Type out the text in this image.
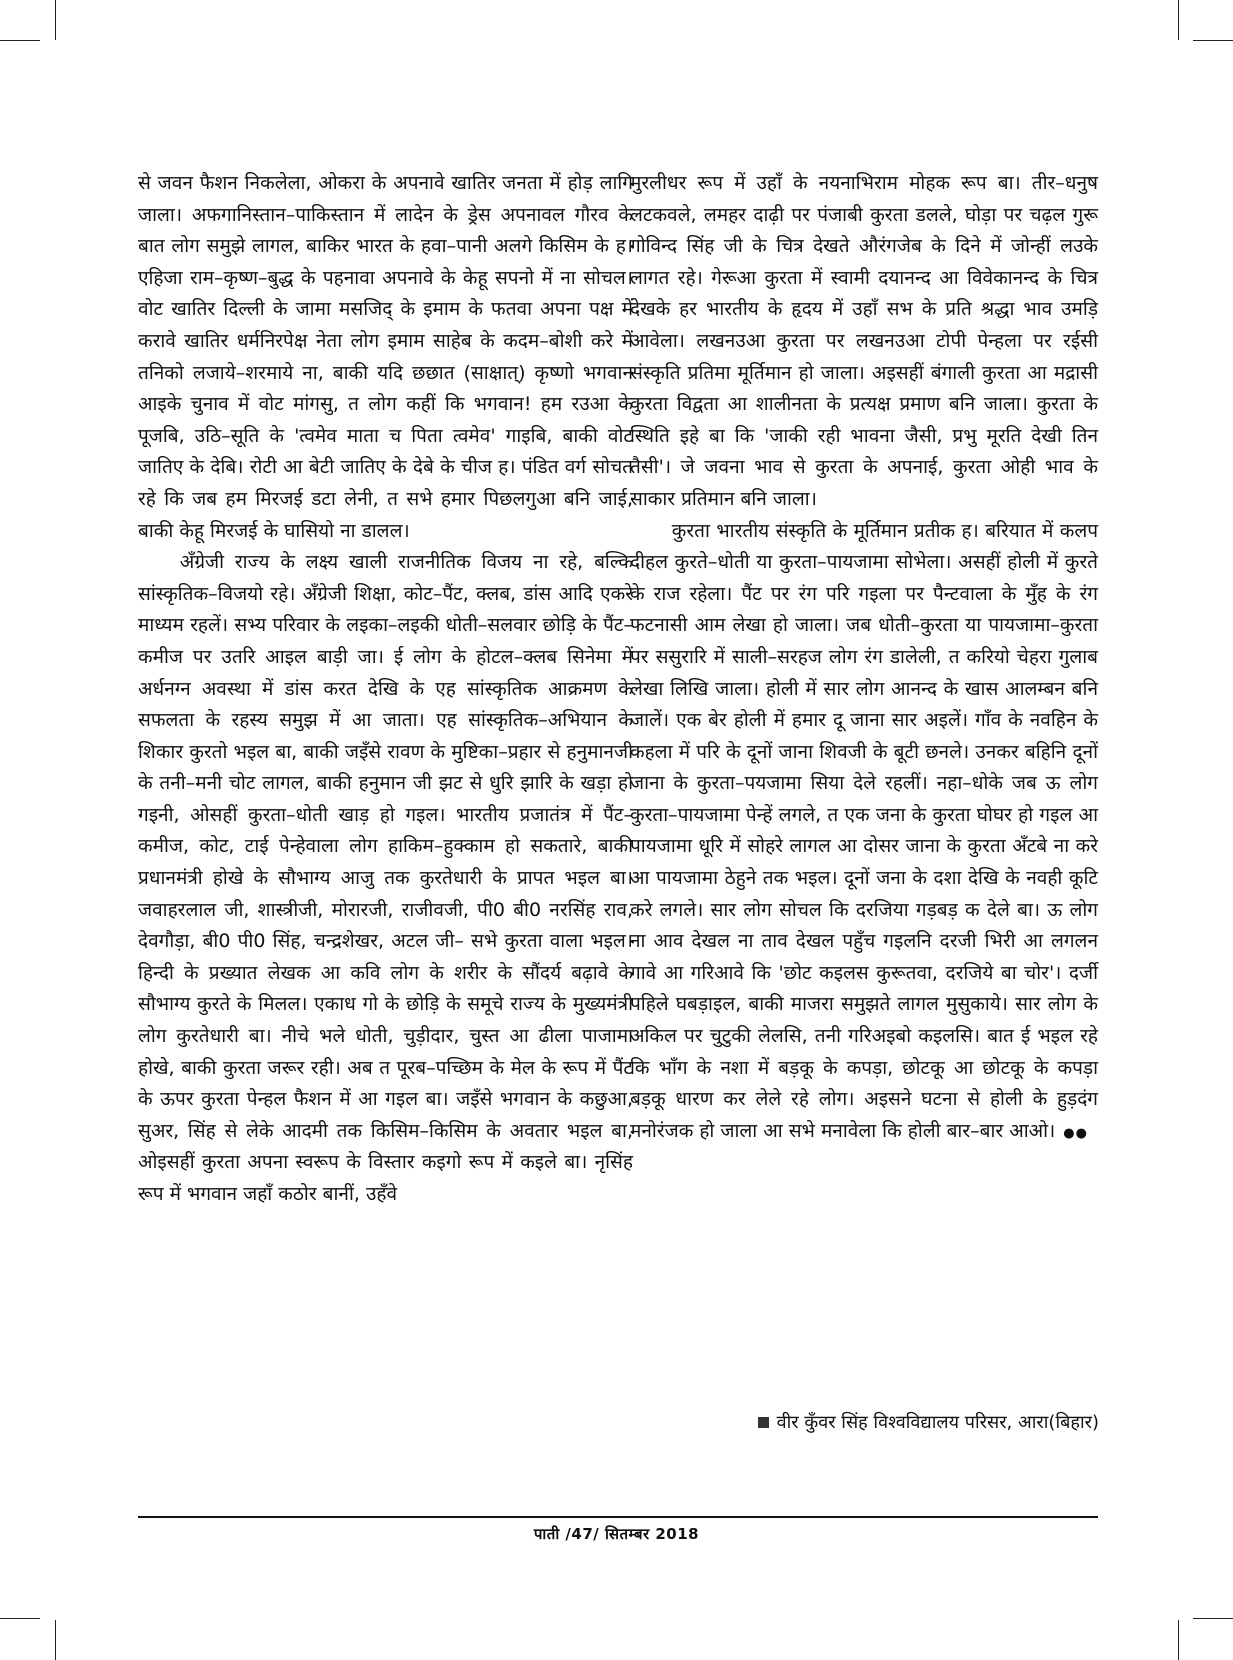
से जवन फैशन निकलेला, ओकरा के अपनावे खातिर जनता में होड़ लागि जाला। अफगानिस्तान–पाकिस्तान में लादेन के ड्रेस अपनावल गौरव के बात लोग समुझे लागल, बाकिर भारत के हवा–पानी अलगे किसिम के ह। एहिजा राम–कृष्ण–बुद्ध के पहनावा अपनावे के केहू सपनो में ना सोचल। वोट खातिर दिल्ली के जामा मसजिद् के इमाम के फतवा अपना पक्ष में करावे खातिर धर्मनिरपेक्ष नेता लोग इमाम साहेब के कदम–बोशी करे में तनिको लजाये–शरमाये ना, बाकी यदि छछात (साक्षात्) कृष्णो भगवान आइके चुनाव में वोट मांगसु, त लोग कहीं कि भगवान! हम रउआ के पूजबि, उठि–सूति के 'त्वमेव माता च पिता त्वमेव' गाइबि, बाकी वोट जातिए के देबि। रोटी आ बेटी जातिए के देबे के चीज ह। पंडित वर्ग सोचत रहे कि जब हम मिरजई डटा लेनी, त सभे हमार पिछलगुआ बनि जाई, बाकी केहू मिरजई के घासियो ना डालल।

अँग्रेजी राज्य के लक्ष्य खाली राजनीतिक विजय ना रहे, बल्कि सांस्कृतिक–विजयो रहे। अँग्रेजी शिक्षा, कोट–पैंट, क्लब, डांस आदि एकरे माध्यम रहलें। सभ्य परिवार के लइका–लइकी धोती–सलवार छोड़ि के पैंट–कमीज पर उतरि आइल बाड़ी जा। ई लोग के होटल–क्लब सिनेमा में अर्धनग्न अवस्था में डांस करत देखि के एह सांस्कृतिक आक्रमण के सफलता के रहस्य समुझ में आ जाता। एह सांस्कृतिक–अभियान के शिकार कुरतो भइल बा, बाकी जइँसे रावण के मुष्टिका–प्रहार से हनुमानजी के तनी–मनी चोट लागल, बाकी हनुमान जी झट से धुरि झारि के खड़ा हो गइनी, ओसहीं कुरता–धोती खाड़ हो गइल। भारतीय प्रजातंत्र में पैंट–कमीज, कोट, टाई पेन्हेवाला लोग हाकिम–हुक्काम हो सकतारे, बाकी प्रधानमंत्री होखे के सौभाग्य आजु तक कुरतेधारी के प्रापत भइल बा। जवाहरलाल जी, शास्त्रीजी, मोरारजी, राजीवजी, पी0 बी0 नरसिंह राव, देवगौड़ा, बी0 पी0 सिंह, चन्द्रशेखर, अटल जी– सभे कुरता वाला भइल। हिन्दी के प्रख्यात लेखक आ कवि लोग के शरीर के सौंदर्य बढ़ावे के सौभाग्य कुरते के मिलल। एकाध गो के छोड़ि के समूचे राज्य के मुख्यमंत्री लोग कुरतेधारी बा। नीचे भले धोती, चुड़ीदार, चुस्त आ ढीला पाजामा होखे, बाकी कुरता जरूर रही। अब त पूरब–पच्छिम के मेल के रूप में पैंट के ऊपर कुरता पेन्हल फैशन में आ गइल बा। जइँसे भगवान के कछुआ, सुअर, सिंह से लेके आदमी तक किसिम–किसिम के अवतार भइल बा, ओइसहीं कुरता अपना स्वरूप के विस्तार कइगो रूप में कइले बा। नृसिंह रूप में भगवान जहाँ कठोर बानीं, उहँवे

मुरलीधर रूप में उहाँ के नयनाभिराम मोहक रूप बा। तीर–धनुष लटकवले, लमहर दाढ़ी पर पंजाबी कुरता डलले, घोड़ा पर चढ़ल गुरू गोविन्द सिंह जी के चित्र देखते औरंगजेब के दिने में जोन्हीं लउके लागत रहे। गेरूआ कुरता में स्वामी दयानन्द आ विवेकानन्द के चित्र देखके हर भारतीय के हृदय में उहाँ सभ के प्रति श्रद्धा भाव उमड़ि आवेला। लखनउआ कुरता पर लखनउआ टोपी पेन्हला पर रईसी संस्कृति प्रतिमा मूर्तिमान हो जाला। अइसहीं बंगाली कुरता आ मद्रासी कुरता विद्वता आ शालीनता के प्रत्यक्ष प्रमाण बनि जाला। कुरता के स्थिति इहे बा कि 'जाकी रही भावना जैसी, प्रभु मूरति देखी तिन तैसी'। जे जवना भाव से कुरता के अपनाई, कुरता ओही भाव के साकार प्रतिमान बनि जाला।

कुरता भारतीय संस्कृति के मूर्तिमान प्रतीक ह। बरियात में कलप दीहल कुरते–धोती या कुरता–पायजामा सोभेला। असहीं होली में कुरते के राज रहेला। पैंट पर रंग परि गइला पर पैन्टवाला के मुँह के रंग फटनासी आम लेखा हो जाला। जब धोती–कुरता या पायजामा–कुरता पर ससुरारि में साली–सरहज लोग रंग डालेली, त करियो चेहरा गुलाब लेखा लिखि जाला। होली में सार लोग आनन्द के खास आलम्बन बनि जालें। एक बेर होली में हमार दू जाना सार अइलें। गाँव के नवहिन के कहला में परि के दूनों जाना शिवजी के बूटी छनले। उनकर बहिनि दूनों जाना के कुरता–पयजामा सिया देले रहलीं। नहा–धोके जब ऊ लोग कुरता–पायजामा पेन्हें लगले, त एक जना के कुरता घोघर हो गइल आ पायजामा धूरि में सोहरे लागल आ दोसर जाना के कुरता अँटबे ना करे आ पायजामा ठेहुने तक भइल। दूनों जना के दशा देखि के नवही कूटि करे लगले। सार लोग सोचल कि दरजिया गड़बड़ क देले बा। ऊ लोग ना आव देखल ना ताव देखल पहुँच गइलनि दरजी भिरी आ लगलन गावे आ गरिआवे कि 'छोट कइलस कुरूतवा, दरजिये बा चोर'। दर्जी पहिले घबड़ाइल, बाकी माजरा समुझते लागल मुसुकाये। सार लोग के अकिल पर चुटुकी लेलसि, तनी गरिअइबो कइलसि। बात ई भइल रहे कि भाँग के नशा में बड़कू के कपड़ा, छोटकू आ छोटकू के कपड़ा बड़कू धारण कर लेले रहे लोग। अइसने घटना से होली के हुड़दंग मनोरंजक हो जाला आ सभे मनावेला कि होली बार–बार आओ। ●●

वीर कुँवर सिंह विश्वविद्यालय परिसर, आरा(बिहार)
पाती /47/ सितम्बर 2018
